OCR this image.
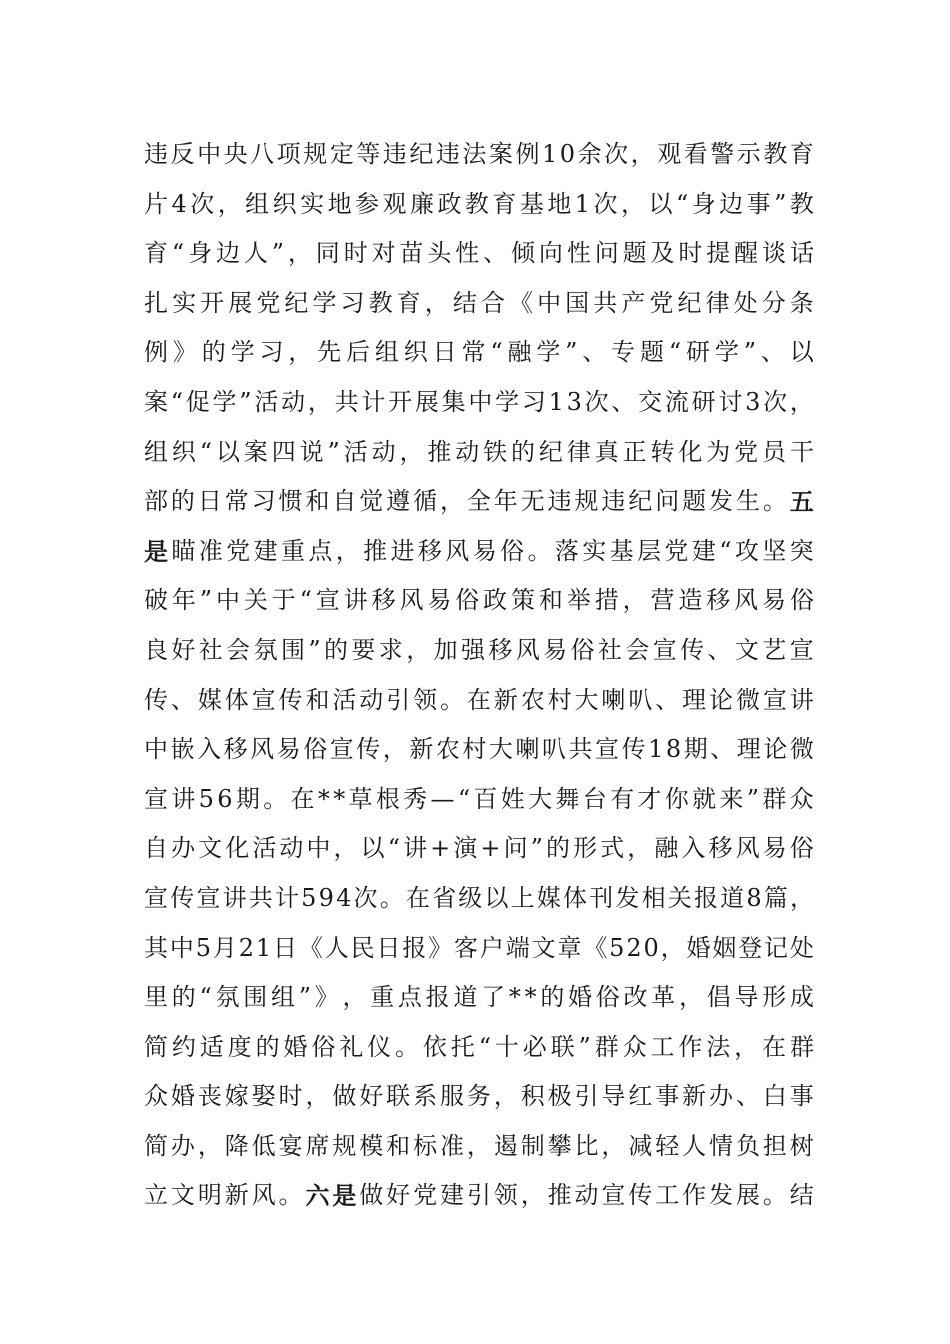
违 反 中 央 八 项 规 定 等 违 纪 违 法 案 例 1 0 余 次 ， 观 看 警 示 教 育
片 4 次 ， 组 织 实 地 参 观 廉 政 教 育 基 地 1 次 ， 以 “ 身 边 事 ” 教
育 “ 身 边 人 ” ， 同 时 对 苗 头 性 、 倾 向 性 问 题 及 时 提 醒 谈 话
扎 实 开 展 党 纪 学 习 教 育 ， 结 合 《 中 国 共 产 党 纪 律 处 分 条
例 》 的 学 习 ， 先 后 组 织 日 常 “ 融 学 ” 、 专 题 “ 研 学 ” 、 以
案 “ 促 学 ” 活 动 ， 共 计 开 展 集 中 学 习 1 3 次 、 交 流 研 讨 3 次 ，
组 织 “ 以 案 四 说 ” 活 动 ， 推 动 铁 的 纪 律 真 正 转 化 为 党 员 干
部 的 日 常 习 惯 和 自 觉 遵 循 ， 全 年 无 违 规 违 纪 问 题 发 生 。 五
是 瞄 准 党 建 重 点 ， 推 进 移 风 易 俗 。 落 实 基 层 党 建 “ 攻 坚 突
破 年 ” 中 关 于 “ 宣 讲 移 风 易 俗 政 策 和 举 措 ， 营 造 移 风 易 俗
良 好 社 会 氛 围 ” 的 要 求 ， 加 强 移 风 易 俗 社 会 宣 传 、 文 艺 宣
传 、 媒 体 宣 传 和 活 动 引 领 。 在 新 农 村 大 喇 叭 、 理 论 微 宣 讲
中 嵌 入 移 风 易 俗 宣 传 ， 新 农 村 大 喇 叭 共 宣 传 1 8 期 、 理 论 微
宣 讲 5 6 期 。 在 * * 草 根 秀 — “ 百 姓 大 舞 台 有 才 你 就 来 ” 群 众
自 办 文 化 活 动 中 ， 以 “ 讲 + 演 + 问 ” 的 形 式 ， 融 入 移 风 易 俗
宣 传 宣 讲 共 计 5 9 4 次 。 在 省 级 以 上 媒 体 刊 发 相 关 报 道 8 篇 ，
其 中 5 月 2 1 日 《 人 民 日 报 》 客 户 端 文 章 《 5 2 0 ， 婚 姻 登 记 处
里 的 “ 氛 围 组 ” 》 ， 重 点 报 道 了 * * 的 婚 俗 改 革 ， 倡 导 形 成
简 约 适 度 的 婚 俗 礼 仪 。 依 托 “ 十 必 联 ” 群 众 工 作 法 ， 在 群
众 婚 丧 嫁 娶 时 ， 做 好 联 系 服 务 ， 积 极 引 导 红 事 新 办 、 白 事
简 办 ， 降 低 宴 席 规 模 和 标 准 ， 遏 制 攀 比 ， 减 轻 人 情 负 担 树
立 文 明 新 风 。 六 是 做 好 党 建 引 领 ， 推 动 宣 传 工 作 发 展 。 结
